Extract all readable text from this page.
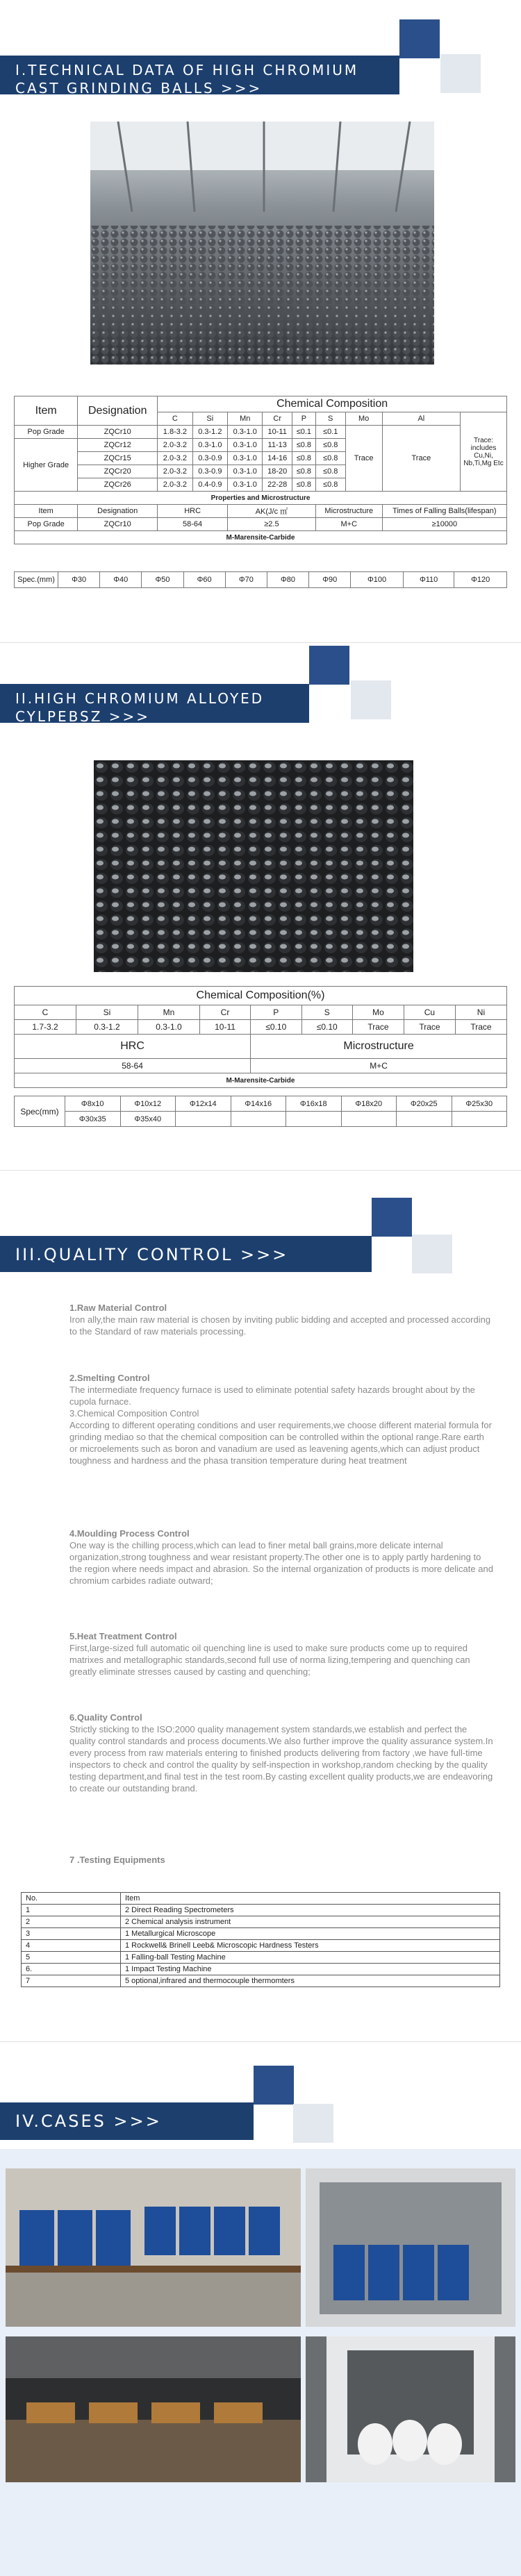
I.TECHNICAL DATA OF HIGH CHROMIUM
CAST GRINDING BALLS >>>
Item	Designation	Chemical Composition								
		C	Si	Mn	Cr	P	S	Mo	Al	Trace: includes Cu,Ni, Nb,Ti,Mg Etc
Pop Grade	ZQCr10	1.8-3.2	0.3-1.2	0.3-1.0	10-11	≤0.1	≤0.1	Trace	Trace	
Higher Grade	ZQCr12	2.0-3.2	0.3-1.0	0.3-1.0	11-13	≤0.8	≤0.8			
	ZQCr15	2.0-3.2	0.3-0.9	0.3-1.0	14-16	≤0.8	≤0.8			
	ZQCr20	2.0-3.2	0.3-0.9	0.3-1.0	18-20	≤0.8	≤0.8			
	ZQCr26	2.0-3.2	0.4-0.9	0.3-1.0	22-28	≤0.8	≤0.8			
Properties and Microstructure										
Item	Designation	HRC		AK(J/c ㎡			Microstructure		Times of Falling Balls(lifespan)	
Pop Grade	ZQCr10	58-64		≥2.5			M+C		≥10000	
M-Marensite-Carbide										
Spec.(mm)	Φ30	Φ40	Φ50	Φ60	Φ70	Φ80	Φ90	Φ100	Φ110	Φ120
II.HIGH CHROMIUM ALLOYED
CYLPEBSZ >>>
Chemical Composition(%)								
C	Si	Mn	Cr	P	S	Mo	Cu	Ni
1.7-3.2	0.3-1.2	0.3-1.0	10-11	≤0.10	≤0.10	Trace	Trace	Trace
HRC				Microstructure				
58-64				M+C				
M-Marensite-Carbide								
Spec(mm)	Φ8x10	Φ10x12	Φ12x14	Φ14x16	Φ16x18	Φ18x20	Φ20x25	Φ25x30
	Φ30x35	Φ35x40						
III.QUALITY CONTROL >>>
1.Raw Material Control
Iron ally,the main raw material is chosen by inviting public bidding and accepted and processed according to the Standard of raw materials processing.
2.Smelting Control
The intermediate frequency furnace is used to eliminate potential safety hazards brought about by the cupola furnace.
3.Chemical Composition Control
According to different operating conditions and user requirements,we choose different material formula for grinding mediao so that the chemical composition can be controlled within the optional range.Rare earth or microelements such as boron and vanadium are used as leavening agents,which can adjust product toughness and hardness and the phasa transition temperature during heat treatment
4.Moulding Process Control
One way is the chilling process,which can lead to finer metal ball grains,more delicate internal organization,strong toughness and wear resistant property.The other one is to apply partly hardening to the region where needs impact and abrasion. So the internal organization of products is more delicate and chromium carbides radiate outward;
5.Heat Treatment Control
First,large-sized full automatic oil quenching line is used to make sure products come up to required matrixes and metallographic standards,second full use of norma lizing,tempering and quenching can greatly eliminate stresses caused by casting and quenching;
6.Quality Control
Strictly sticking to the ISO:2000 quality management system standards,we establish and perfect the quality control standards and process documents.We also further improve the quality assurance system.In every process from raw materials entering to finished products delivering from factory ,we have full-time inspectors to check and control the quality by self-inspection in workshop,random checking by the quality testing department,and final test in the test room.By casting excellent quality products,we are endeavoring to create our outstanding brand.
7 .Testing Equipments
No.	Item
1	2 Direct Reading Spectrometers
2	2 Chemical analysis instrument
3	1 Metallurgical Microscope
4	1 Rockwell& Brinell Leeb& Microscopic Hardness Testers
5	1 Falling-ball Testing Machine
6.	1 Impact Testing Machine
7	5 optional,infrared and thermocouple thermomters
IV.CASES >>>
